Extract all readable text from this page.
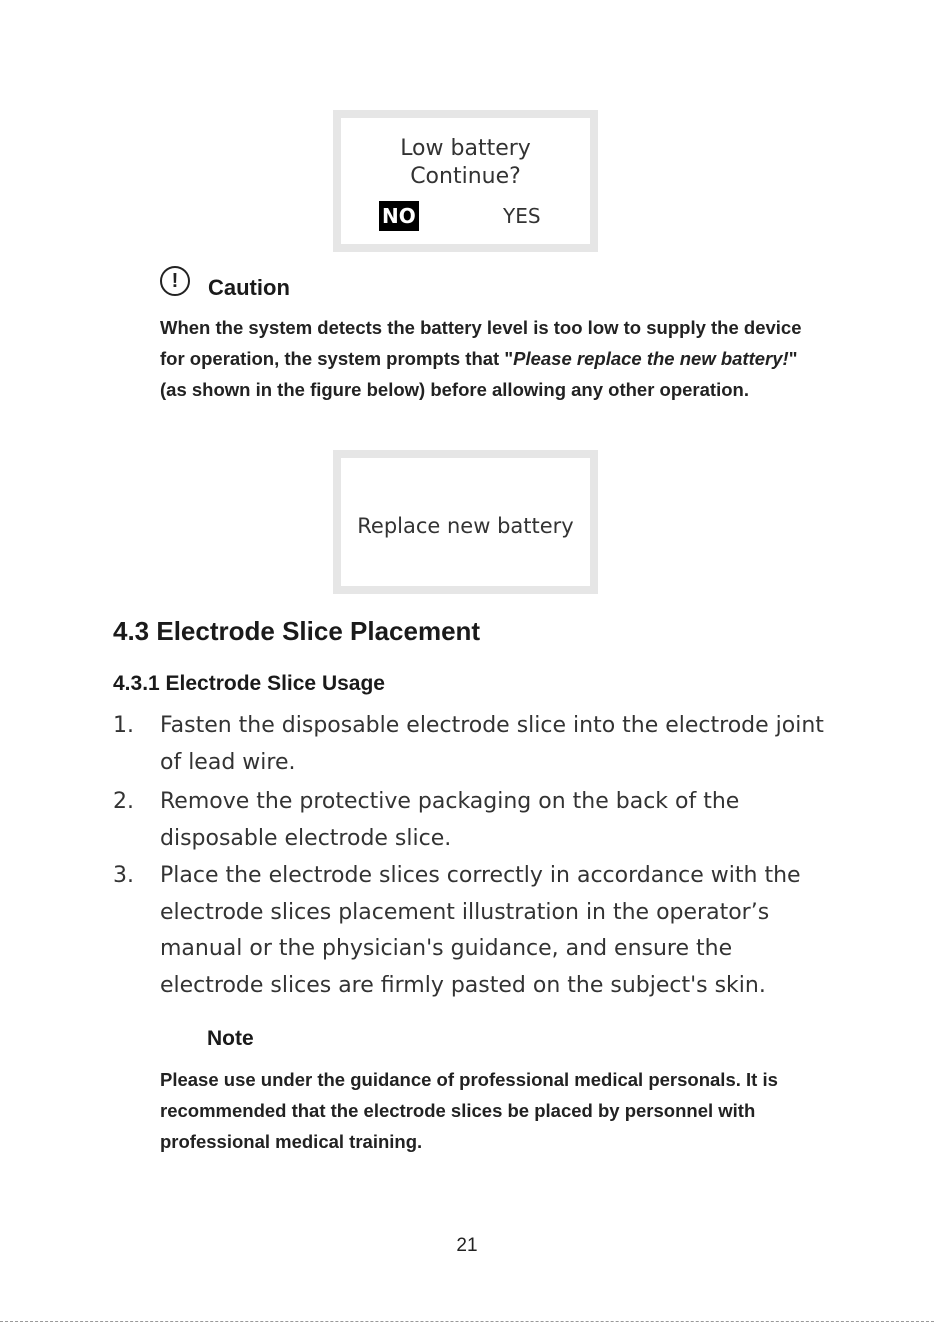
Low battery
Continue?
NO	YES
!	Caution
When the system detects the battery level is too low to supply the device for operation, the system prompts that "Please replace the new battery!" (as shown in the figure below) before allowing any other operation.
Replace new battery
4.3 Electrode Slice Placement
4.3.1 Electrode Slice Usage
1. Fasten the disposable electrode slice into the electrode joint of lead wire.
2. Remove the protective packaging on the back of the disposable electrode slice.
3. Place the electrode slices correctly in accordance with the electrode slices placement illustration in the operator’s manual or the physician's guidance, and ensure the electrode slices are firmly pasted on the subject's skin.
Note
Please use under the guidance of professional medical personals. It is recommended that the electrode slices be placed by personnel with professional medical training.
21
